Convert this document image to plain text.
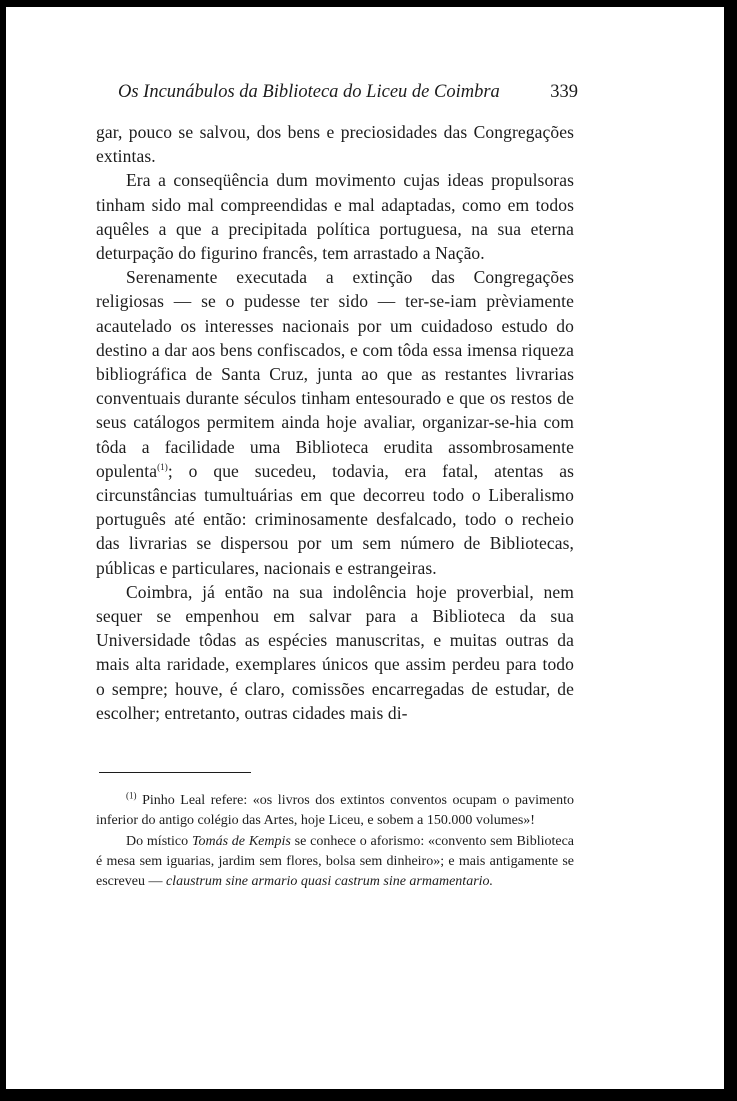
Os Incunábulos da Biblioteca do Liceu de Coimbra	339

gar, pouco se salvou, dos bens e preciosidades das Congregações extintas.

Era a conseqüência dum movimento cujas ideas propulsoras tinham sido mal compreendidas e mal adaptadas, como em todos aquêles a que a precipitada política portuguesa, na sua eterna deturpação do figurino francês, tem arrastado a Nação.

Serenamente executada a extinção das Congregações religiosas — se o pudesse ter sido — ter-se-iam prèviamente acautelado os interesses nacionais por um cuidadoso estudo do destino a dar aos bens confiscados, e com tôda essa imensa riqueza bibliográfica de Santa Cruz, junta ao que as restantes livrarias conventuais durante séculos tinham entesourado e que os restos de seus catálogos permitem ainda hoje avaliar, organizar-se-hia com tôda a facilidade uma Biblioteca erudita assombrosamente opulenta$^{(1)}$; o que sucedeu, todavia, era fatal, atentas as circunstâncias tumultuárias em que decorreu todo o Liberalismo português até então: criminosamente desfalcado, todo o recheio das livrarias se dispersou por um sem número de Bibliotecas, públicas e particulares, nacionais e estrangeiras.

Coimbra, já então na sua indolência hoje proverbial, nem sequer se empenhou em salvar para a Biblioteca da sua Universidade tôdas as espécies manuscritas, e muitas outras da mais alta raridade, exemplares únicos que assim perdeu para todo o sempre; houve, é claro, comissões encarregadas de estudar, de escolher; entretanto, outras cidades mais di-

$^{(1)}$ Pinho Leal refere: «os livros dos extintos conventos ocupam o pavimento inferior do antigo colégio das Artes, hoje Liceu, e sobem a 150.000 volumes»!

Do místico Tomás de Kempis se conhece o aforismo: «convento sem Biblioteca é mesa sem iguarias, jardim sem flores, bolsa sem dinheiro»; e mais antigamente se escreveu — claustrum sine armario quasi castrum sine armamentario.
